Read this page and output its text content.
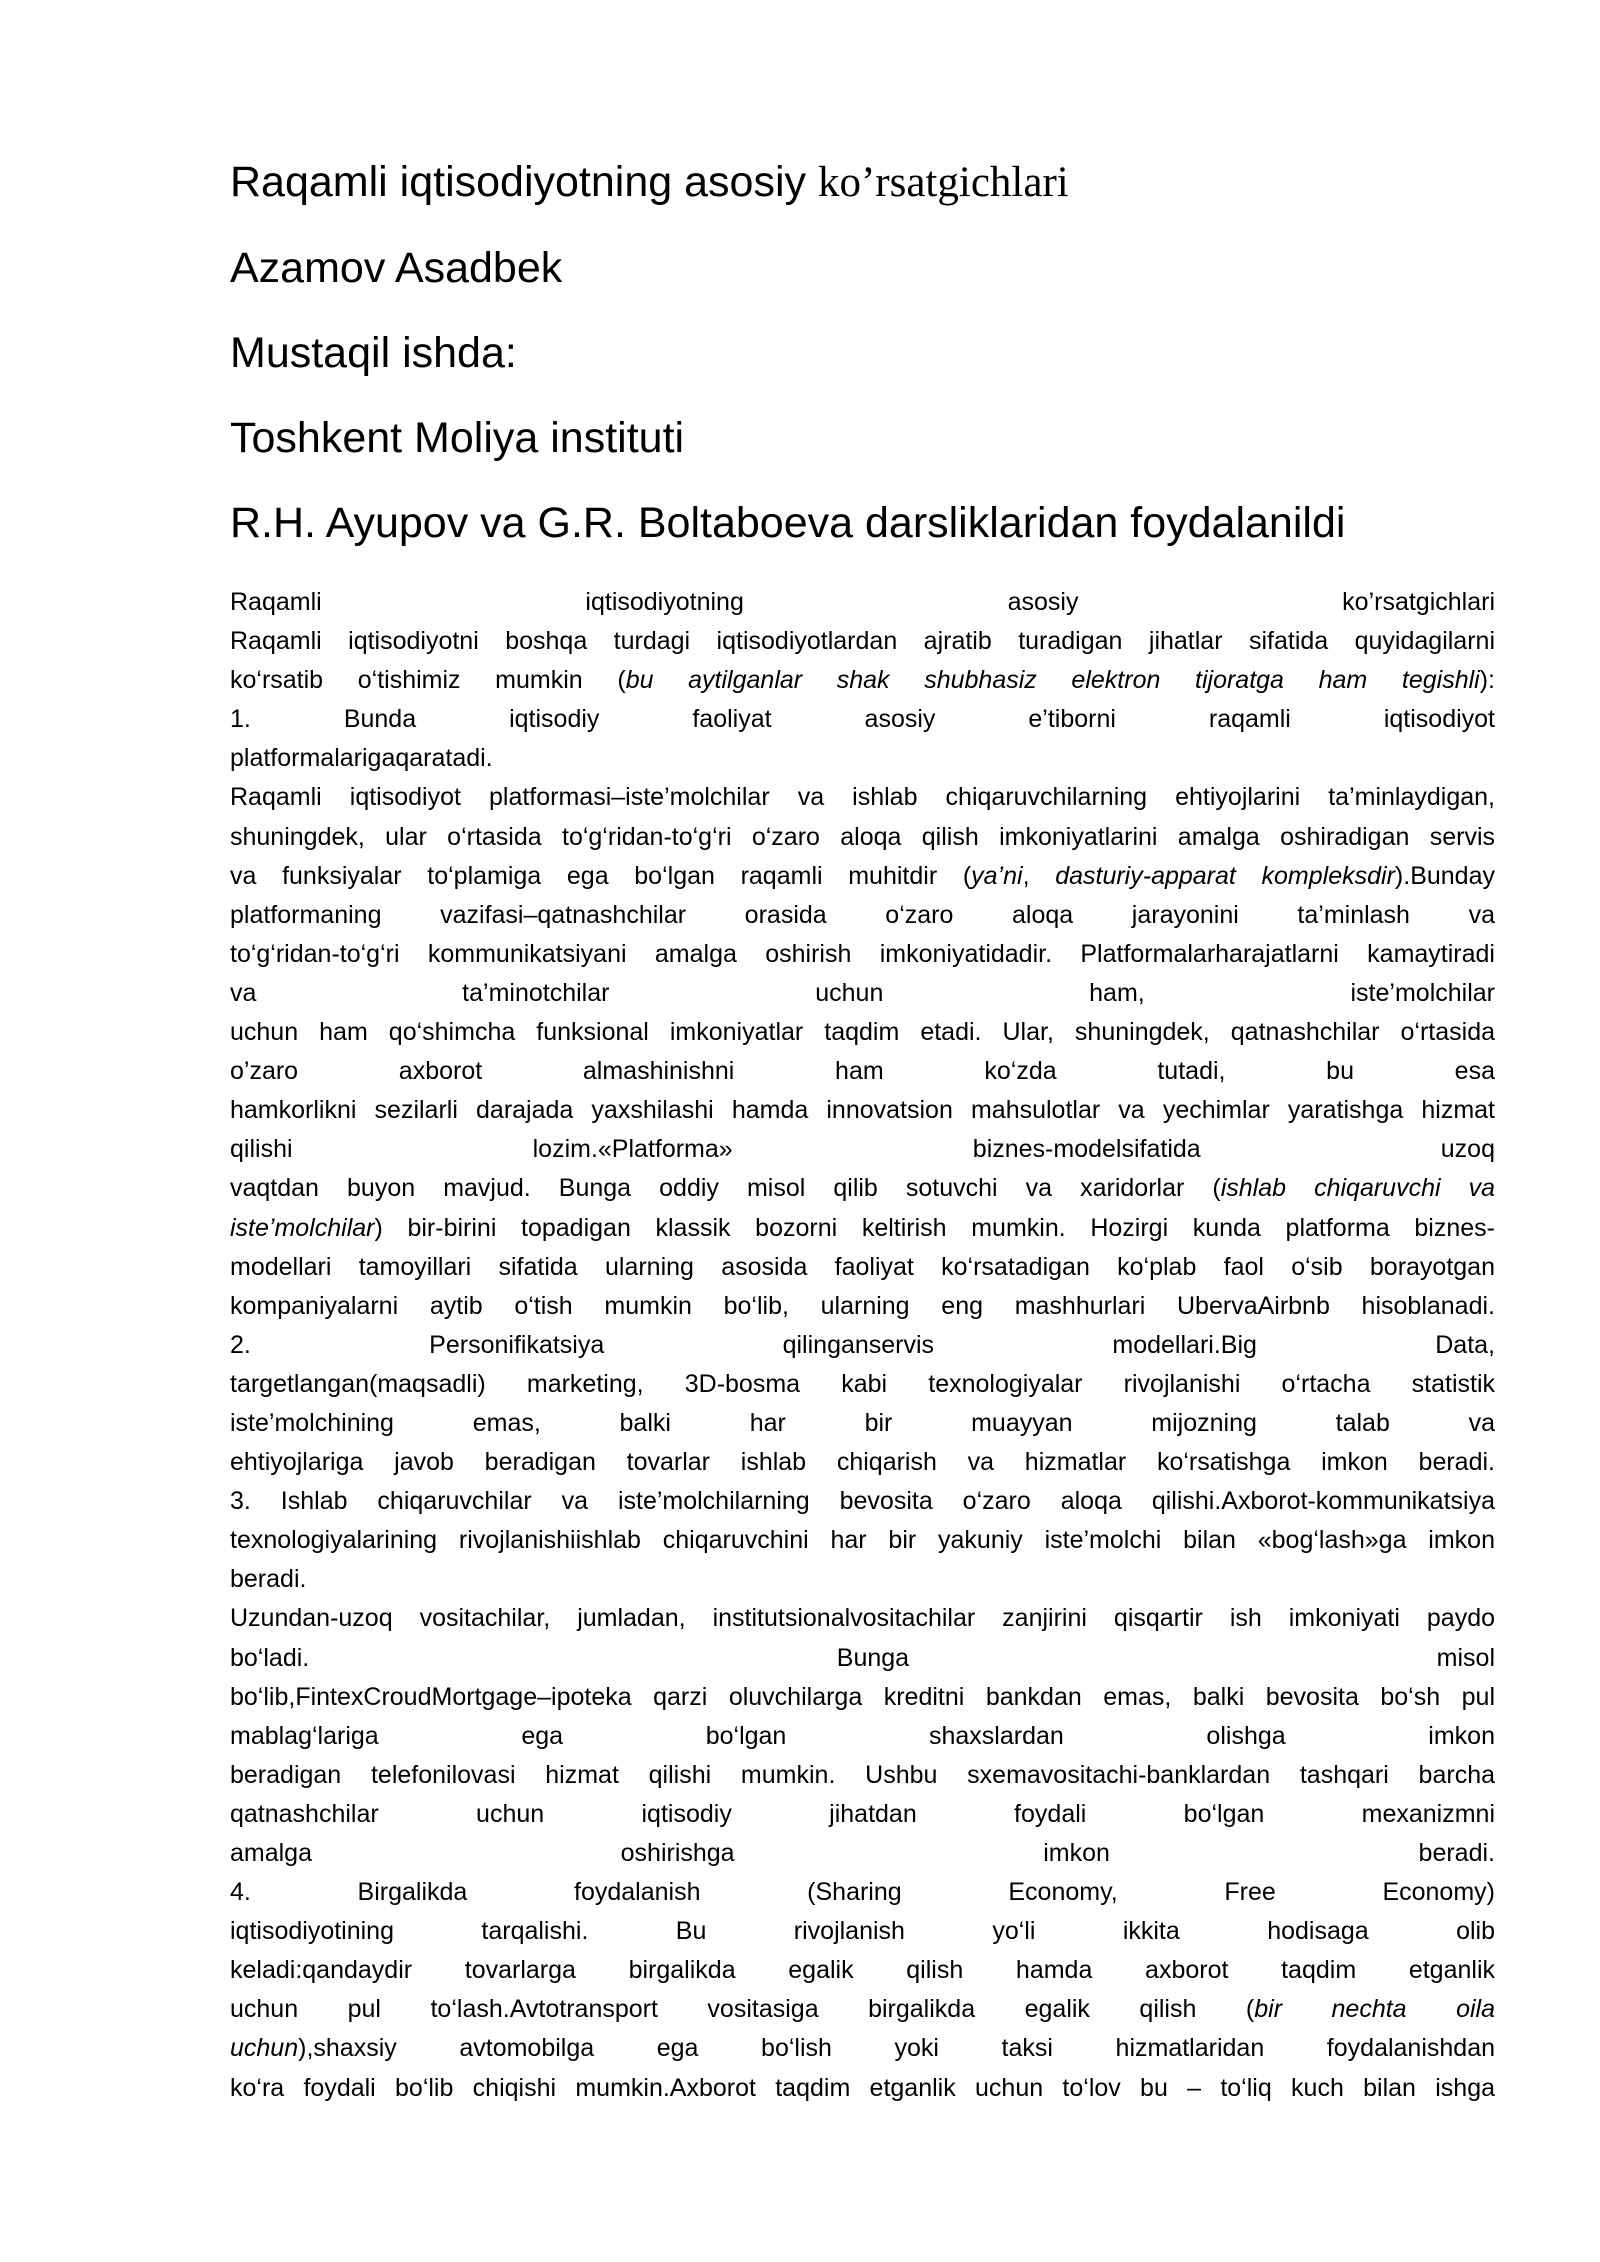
Raqamli iqtisodiyotning asosiy ko’rsatgichlari

Azamov Asadbek

Mustaqil ishda:

Toshkent Moliya instituti

R.H. Ayupov va G.R. Boltaboeva darsliklaridan foydalanildi

Raqamli iqtisodiyotning asosiy ko’rsatgichlari
Raqamli iqtisodiyotni boshqa turdagi iqtisodiyotlardan ajratib turadigan jihatlar sifatida quyidagilarni
ko‘rsatib o‘tishimiz mumkin (bu aytilganlar shak shubhasiz elektron tijoratga ham tegishli):
1. Bunda iqtisodiy faoliyat asosiy e’tiborni raqamli iqtisodiyot
platformalarigaqaratadi.
Raqamli iqtisodiyot platformasi–iste’molchilar va ishlab chiqaruvchilarning ehtiyojlarini ta’minlaydigan,
shuningdek, ular o‘rtasida to‘g‘ridan-to‘g‘ri o‘zaro aloqa qilish imkoniyatlarini amalga oshiradigan servis
va funksiyalar to‘plamiga ega bo‘lgan raqamli muhitdir (ya’ni, dasturiy-apparat kompleksdir).Bunday
platformaning vazifasi–qatnashchilar orasida o‘zaro aloqa jarayonini ta’minlash va
to‘g‘ridan-to‘g‘ri kommunikatsiyani amalga oshirish imkoniyatidadir. Platformalarharajatlarni kamaytiradi
va ta’minotchilar uchun ham, iste’molchilar
uchun ham qo‘shimcha funksional imkoniyatlar taqdim etadi. Ular, shuningdek, qatnashchilar o‘rtasida
o’zaro axborot almashinishni ham ko‘zda tutadi, bu esa
hamkorlikni sezilarli darajada yaxshilashi hamda innovatsion mahsulotlar va yechimlar yaratishga hizmat
qilishi lozim.«Platforma» biznes-modelsifatida uzoq
vaqtdan buyon mavjud. Bunga oddiy misol qilib sotuvchi va xaridorlar (ishlab chiqaruvchi va
iste’molchilar) bir-birini topadigan klassik bozorni keltirish mumkin. Hozirgi kunda platforma biznes-
modellari tamoyillari sifatida ularning asosida faoliyat ko‘rsatadigan ko‘plab faol o‘sib borayotgan
kompaniyalarni aytib o‘tish mumkin bo‘lib, ularning eng mashhurlari UbervaAirbnb hisoblanadi.
2. Personifikatsiya qilinganservis modellari.Big Data,
targetlangan(maqsadli) marketing, 3D-bosma kabi texnologiyalar rivojlanishi o‘rtacha statistik
iste’molchining emas, balki har bir muayyan mijozning talab va
ehtiyojlariga javob beradigan tovarlar ishlab chiqarish va hizmatlar ko‘rsatishga imkon beradi.
3. Ishlab chiqaruvchilar va iste’molchilarning bevosita o‘zaro aloqa qilishi.Axborot-kommunikatsiya
texnologiyalarining rivojlanishiishlab chiqaruvchini har bir yakuniy iste’molchi bilan «bog‘lash»ga imkon
beradi.
Uzundan-uzoq vositachilar, jumladan, institutsionalvositachilar zanjirini qisqartir ish imkoniyati paydo
bo‘ladi. Bunga misol
bo‘lib,FintexCroudMortgage–ipoteka qarzi oluvchilarga kreditni bankdan emas, balki bevosita bo‘sh pul
mablag‘lariga ega bo‘lgan shaxslardan olishga imkon
beradigan telefonilovasi hizmat qilishi mumkin. Ushbu sxemavositachi-banklardan tashqari barcha
qatnashchilar uchun iqtisodiy jihatdan foydali bo‘lgan mexanizmni
amalga oshirishga imkon beradi.
4. Birgalikda foydalanish (Sharing Economy, Free Economy)
iqtisodiyotining tarqalishi. Bu rivojlanish yo‘li ikkita hodisaga olib
keladi:qandaydir tovarlarga birgalikda egalik qilish hamda axborot taqdim etganlik
uchun pul to‘lash.Avtotransport vositasiga birgalikda egalik qilish (bir nechta oila
uchun),shaxsiy avtomobilga ega bo‘lish yoki taksi hizmatlaridan foydalanishdan
ko‘ra foydali bo‘lib chiqishi mumkin.Axborot taqdim etganlik uchun to‘lov bu – to‘liq kuch bilan ishga
